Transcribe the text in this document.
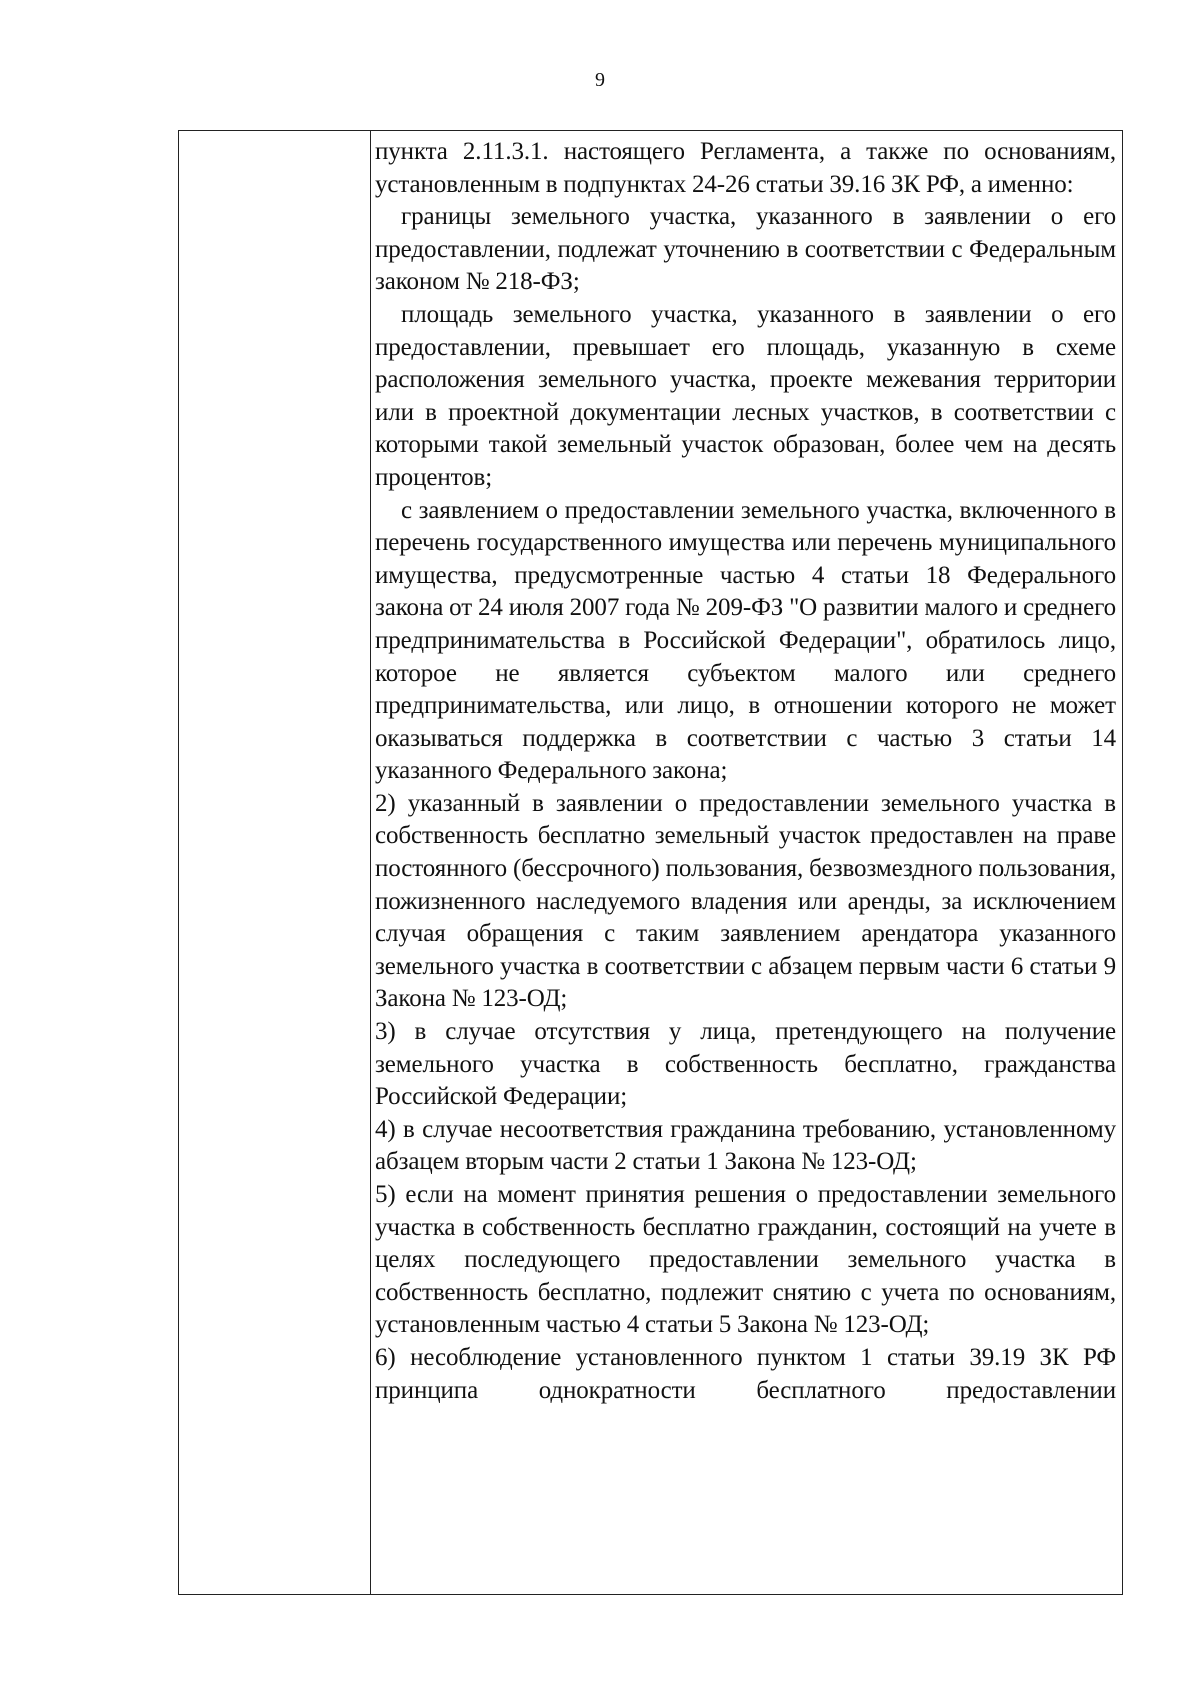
9

пункта 2.11.3.1. настоящего Регламента, а также по основаниям, установленным в подпунктах 24-26 статьи 39.16 ЗК РФ, а именно:

границы земельного участка, указанного в заявлении о его предоставлении, подлежат уточнению в соответствии с Федеральным законом № 218-ФЗ;

площадь земельного участка, указанного в заявлении о его предоставлении, превышает его площадь, указанную в схеме расположения земельного участка, проекте межевания территории или в проектной документации лесных участков, в соответствии с которыми такой земельный участок образован, более чем на десять процентов;

с заявлением о предоставлении земельного участка, включенного в перечень государственного имущества или перечень муниципального имущества, предусмотренные частью 4 статьи 18 Федерального закона от 24 июля 2007 года № 209-ФЗ "О развитии малого и среднего предпринимательства в Российской Федерации", обратилось лицо, которое не является субъектом малого или среднего предпринимательства, или лицо, в отношении которого не может оказываться поддержка в соответствии с частью 3 статьи 14 указанного Федерального закона;

2) указанный в заявлении о предоставлении земельного участка в собственность бесплатно земельный участок предоставлен на праве постоянного (бессрочного) пользования, безвозмездного пользования, пожизненного наследуемого владения или аренды, за исключением случая обращения с таким заявлением арендатора указанного земельного участка в соответствии с абзацем первым части 6 статьи 9 Закона № 123-ОД;

3) в случае отсутствия у лица, претендующего на получение земельного участка в собственность бесплатно, гражданства Российской Федерации;

4) в случае несоответствия гражданина требованию, установленному абзацем вторым части 2 статьи 1 Закона № 123-ОД;

5) если на момент принятия решения о предоставлении земельного участка в собственность бесплатно гражданин, состоящий на учете в целях последующего предоставлении земельного участка в собственность бесплатно, подлежит снятию с учета по основаниям, установленным частью 4 статьи 5 Закона № 123-ОД;

6) несоблюдение установленного пунктом 1 статьи 39.19 ЗК РФ принципа однократности бесплатного предоставлении
